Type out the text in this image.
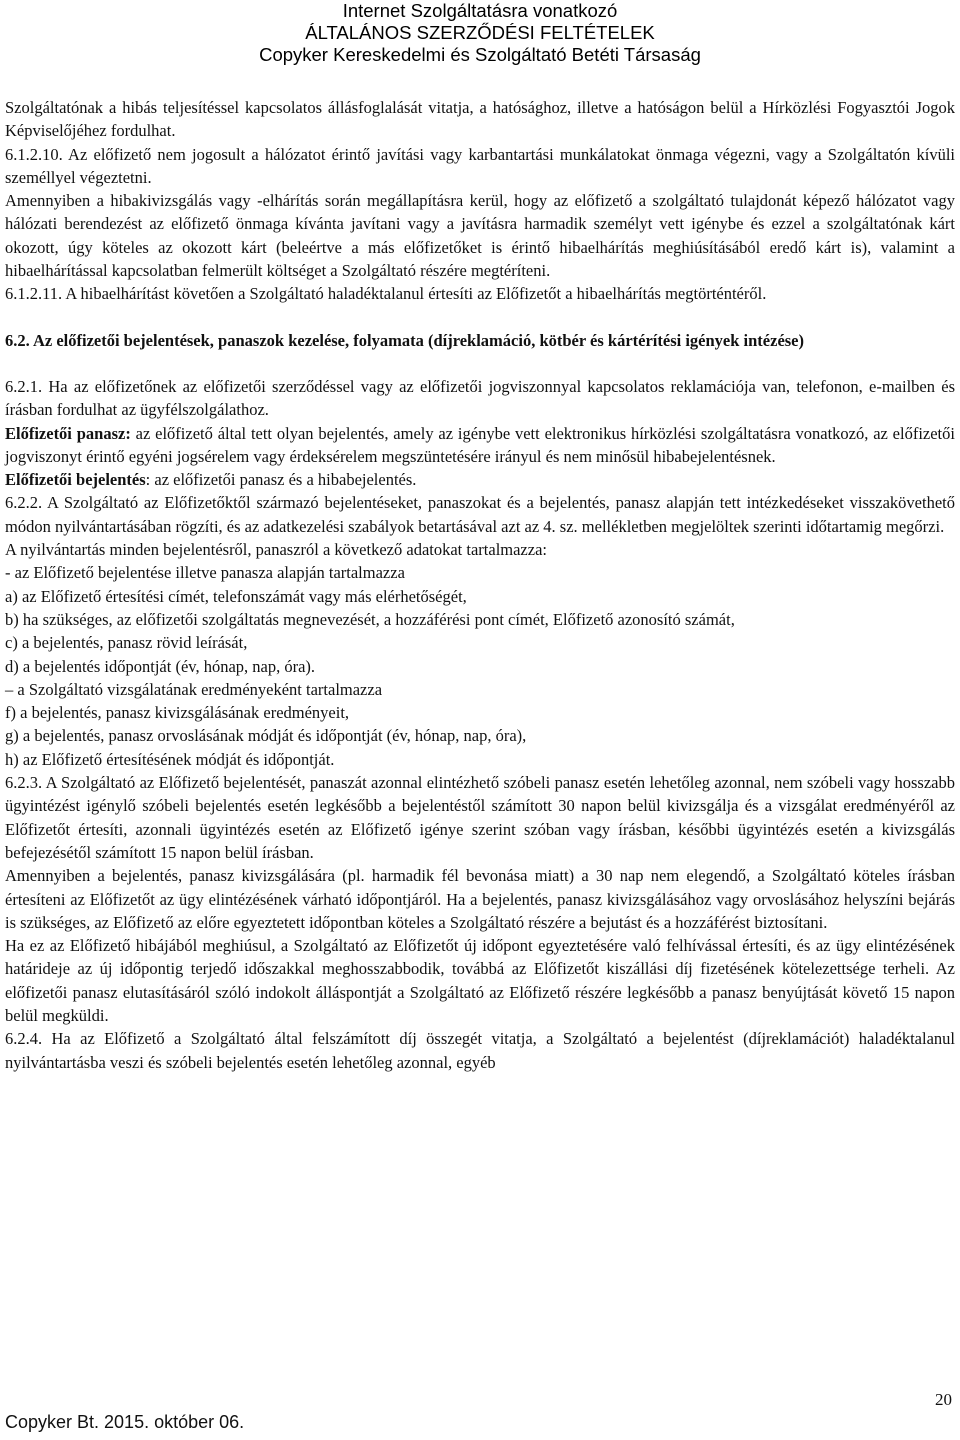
Internet Szolgáltatásra vonatkozó
ÁLTALÁNOS SZERZŐDÉSI FELTÉTELEK
Copyker Kereskedelmi és Szolgáltató Betéti Társaság

Szolgáltatónak a hibás teljesítéssel kapcsolatos állásfoglalását vitatja, a hatósághoz, illetve a hatóságon belül a Hírközlési Fogyasztói Jogok Képviselőjéhez fordulhat.

6.1.2.10. Az előfizető nem jogosult a hálózatot érintő javítási vagy karbantartási munkálatokat önmaga végezni, vagy a Szolgáltatón kívüli személlyel végeztetni.

Amennyiben a hibakivizsgálás vagy -elhárítás során megállapításra kerül, hogy az előfizető a szolgáltató tulajdonát képező hálózatot vagy hálózati berendezést az előfizető önmaga kívánta javítani vagy a javításra harmadik személyt vett igénybe és ezzel a szolgáltatónak kárt okozott, úgy köteles az okozott kárt (beleértve a más előfizetőket is érintő hibaelhárítás meghiúsításából eredő kárt is), valamint a hibaelhárítással kapcsolatban felmerült költséget a Szolgáltató részére megtéríteni.

6.1.2.11. A hibaelhárítást követően a Szolgáltató haladéktalanul értesíti az Előfizetőt a hibaelhárítás megtörténtéről.

6.2. Az előfizetői bejelentések, panaszok kezelése, folyamata (díjreklamáció, kötbér és kártérítési igények intézése)

6.2.1. Ha az előfizetőnek az előfizetői szerződéssel vagy az előfizetői jogviszonnyal kapcsolatos reklamációja van, telefonon, e-mailben és írásban fordulhat az ügyfélszolgálathoz.

Előfizetői panasz: az előfizető által tett olyan bejelentés, amely az igénybe vett elektronikus hírközlési szolgáltatásra vonatkozó, az előfizetői jogviszonyt érintő egyéni jogsérelem vagy érdeksérelem megszüntetésére irányul és nem minősül hibabejelentésnek.

Előfizetői bejelentés: az előfizetői panasz és a hibabejelentés.

6.2.2. A Szolgáltató az Előfizetőktől származó bejelentéseket, panaszokat és a bejelentés, panasz alapján tett intézkedéseket visszakövethető módon nyilvántartásában rögzíti, és az adatkezelési szabályok betartásával azt az 4. sz. mellékletben megjelöltek szerinti időtartamig megőrzi.

A nyilvántartás minden bejelentésről, panaszról a következő adatokat tartalmazza:

- az Előfizető bejelentése illetve panasza alapján tartalmazza

a) az Előfizető értesítési címét, telefonszámát vagy más elérhetőségét,

b) ha szükséges, az előfizetői szolgáltatás megnevezését, a hozzáférési pont címét, Előfizető azonosító számát,

c) a bejelentés, panasz rövid leírását,

d) a bejelentés időpontját (év, hónap, nap, óra).

– a Szolgáltató vizsgálatának eredményeként tartalmazza

f) a bejelentés, panasz kivizsgálásának eredményeit,

g) a bejelentés, panasz orvoslásának módját és időpontját (év, hónap, nap, óra),

h) az Előfizető értesítésének módját és időpontját.

6.2.3. A Szolgáltató az Előfizető bejelentését, panaszát azonnal elintézhető szóbeli panasz esetén lehetőleg azonnal, nem szóbeli vagy hosszabb ügyintézést igénylő szóbeli bejelentés esetén legkésőbb a bejelentéstől számított 30 napon belül kivizsgálja és a vizsgálat eredményéről az Előfizetőt értesíti, azonnali ügyintézés esetén az Előfizető igénye szerint szóban vagy írásban, későbbi ügyintézés esetén a kivizsgálás befejezésétől számított 15 napon belül írásban.

Amennyiben a bejelentés, panasz kivizsgálására (pl. harmadik fél bevonása miatt) a 30 nap nem elegendő, a Szolgáltató köteles írásban értesíteni az Előfizetőt az ügy elintézésének várható időpontjáról. Ha a bejelentés, panasz kivizsgálásához vagy orvoslásához helyszíni bejárás is szükséges, az Előfizető az előre egyeztetett időpontban köteles a Szolgáltató részére a bejutást és a hozzáférést biztosítani.

Ha ez az Előfizető hibájából meghiúsul, a Szolgáltató az Előfizetőt új időpont egyeztetésére való felhívással értesíti, és az ügy elintézésének határideje az új időpontig terjedő időszakkal meghosszabbodik, továbbá az Előfizetőt kiszállási díj fizetésének kötelezettsége terheli. Az előfizetői panasz elutasításáról szóló indokolt álláspontját a Szolgáltató az Előfizető részére legkésőbb a panasz benyújtását követő 15 napon belül megküldi.

6.2.4. Ha az Előfizető a Szolgáltató által felszámított díj összegét vitatja, a Szolgáltató a bejelentést (díjreklamációt) haladéktalanul nyilvántartásba veszi és szóbeli bejelentés esetén lehetőleg azonnal, egyéb

20
Copyker Bt. 2015. október 06.
